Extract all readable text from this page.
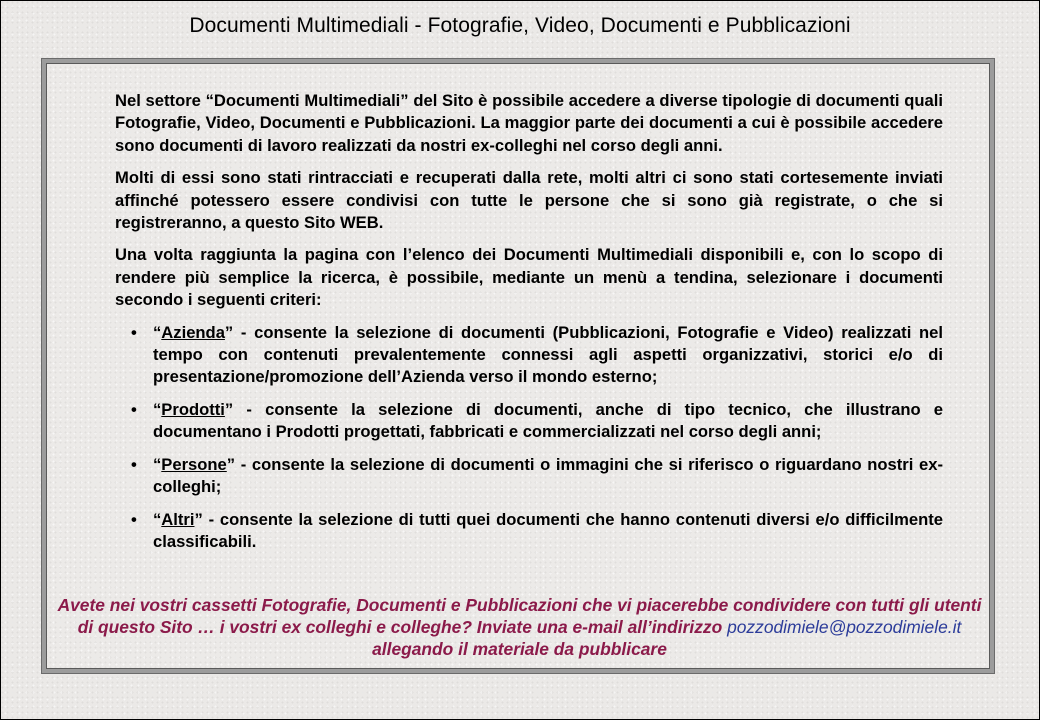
Documenti Multimediali - Fotografie, Video, Documenti e Pubblicazioni

Nel settore “Documenti Multimediali” del Sito è possibile accedere a diverse tipologie di documenti quali Fotografie, Video, Documenti e Pubblicazioni. La maggior parte dei documenti a cui è possibile accedere sono documenti di lavoro realizzati da nostri ex-colleghi nel corso degli anni.

Molti di essi sono stati rintracciati e recuperati dalla rete, molti altri ci sono stati cortesemente inviati affinché potessero essere condivisi con tutte le persone che si sono già registrate, o che si registreranno, a questo Sito WEB.

Una volta raggiunta la pagina con l’elenco dei Documenti Multimediali disponibili e, con lo scopo di rendere più semplice la ricerca, è possibile, mediante un menù a tendina, selezionare i documenti secondo i seguenti criteri:

• “Azienda” - consente la selezione di documenti (Pubblicazioni, Fotografie e Video) realizzati nel tempo con contenuti prevalentemente connessi agli aspetti organizzativi, storici e/o di presentazione/promozione dell’Azienda verso il mondo esterno;
• “Prodotti” - consente la selezione di documenti, anche di tipo tecnico, che illustrano e documentano i Prodotti progettati, fabbricati e commercializzati nel corso degli anni;
• “Persone” - consente la selezione di documenti o immagini che si riferisco o riguardano nostri ex-colleghi;
• “Altri” - consente la selezione di tutti quei documenti che hanno contenuti diversi e/o difficilmente classificabili.
Avete nei vostri cassetti Fotografie, Documenti e Pubblicazioni che vi piacerebbe condividere con tutti gli utenti di questo Sito … i vostri ex colleghi e colleghe? Inviate una e-mail all’indirizzo pozzodimiele@pozzodimiele.it allegando il materiale da pubblicare
